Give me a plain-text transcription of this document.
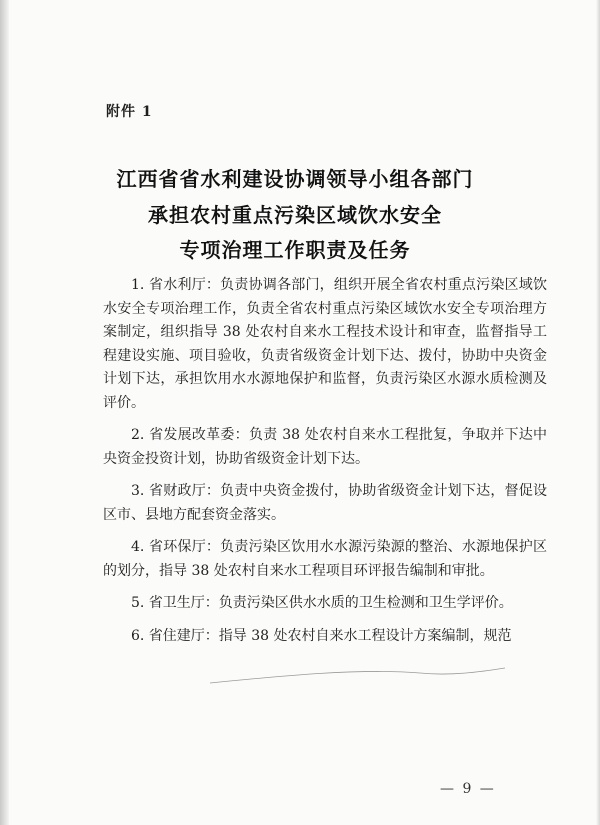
附件 1
江西省省水利建设协调领导小组各部门
承担农村重点污染区域饮水安全
专项治理工作职责及任务

1. 省水利厅：负责协调各部门，组织开展全省农村重点污染区域饮水安全专项治理工作，负责全省农村重点污染区域饮水安全专项治理方案制定，组织指导 38 处农村自来水工程技术设计和审查，监督指导工程建设实施、项目验收，负责省级资金计划下达、拨付，协助中央资金计划下达，承担饮用水水源地保护和监督，负责污染区水源水质检测及评价。

2. 省发展改革委：负责 38 处农村自来水工程批复，争取并下达中央资金投资计划，协助省级资金计划下达。

3. 省财政厅：负责中央资金拨付，协助省级资金计划下达，督促设区市、县地方配套资金落实。

4. 省环保厅：负责污染区饮用水水源污染源的整治、水源地保护区的划分，指导 38 处农村自来水工程项目环评报告编制和审批。

5. 省卫生厅：负责污染区供水水质的卫生检测和卫生学评价。

6. 省住建厅：指导 38 处农村自来水工程设计方案编制，规范

— 9 —
